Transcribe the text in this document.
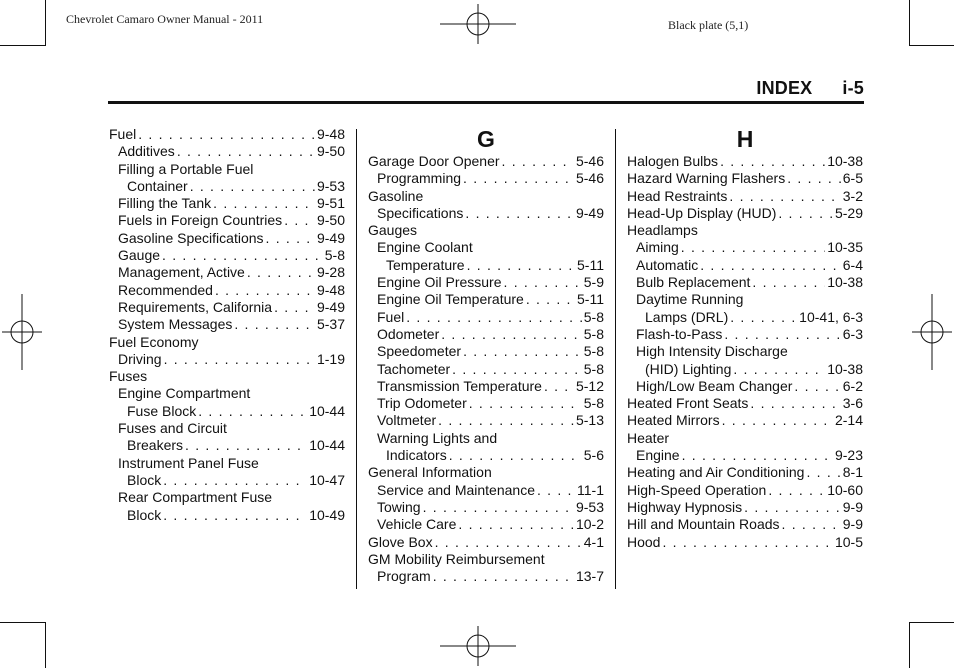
Chevrolet Camaro Owner Manual - 2011	Black plate (5,1)
INDEX i-5
Fuel . . .	9-48
Additives . . .	9-50
Filling a Portable Fuel
Container . . .	9-53
Filling the Tank . . .	9-51
Fuels in Foreign Countries . . . 9-50
Gasoline Specifications . . .	9-49
Gauge . . .	5-8
Management, Active . . .	9-28
Recommended . . .	9-48
Requirements, California . . .	9-49
System Messages . . .	5-37
Fuel Economy
Driving . . .	1-19
Fuses
Engine Compartment
Fuse Block . . .	10-44
Fuses and Circuit
Breakers . . .	10-44
Instrument Panel Fuse
Block . . .	10-47
Rear Compartment Fuse
Block . . .	10-49
G
Garage Door Opener . . .	5-46
Programming . . .	5-46
Gasoline
Specifications . . .	9-49
Gauges
Engine Coolant
Temperature . . .	5-11
Engine Oil Pressure . . .	5-9
Engine Oil Temperature . . .	5-11
Fuel . . .	5-8
Odometer . . .	5-8
Speedometer . . .	5-8
Tachometer . . .	5-8
Transmission Temperature . . . 5-12
Trip Odometer . . .	5-8
Voltmeter . . .	5-13
Warning Lights and
Indicators . . .	5-6
General Information
Service and Maintenance . . .	11-1
Towing . . .	9-53
Vehicle Care . . .	10-2
Glove Box . . .	4-1
GM Mobility Reimbursement
Program . . .	13-7
H
Halogen Bulbs . . .	10-38
Hazard Warning Flashers . . .	6-5
Head Restraints . . .	3-2
Head-Up Display (HUD) . . .	5-29
Headlamps
Aiming . . .	10-35
Automatic . . .	6-4
Bulb Replacement . . .	10-38
Daytime Running
Lamps (DRL) . . .	10-41, 6-3
Flash-to-Pass . . .	6-3
High Intensity Discharge
(HID) Lighting . . .	10-38
High/Low Beam Changer . . .	6-2
Heated Front Seats . . .	3-6
Heated Mirrors . . .	2-14
Heater
Engine . . .	9-23
Heating and Air Conditioning . . .	8-1
High-Speed Operation . . .	10-60
Highway Hypnosis . . .	9-9
Hill and Mountain Roads . . .	9-9
Hood . . .	10-5
